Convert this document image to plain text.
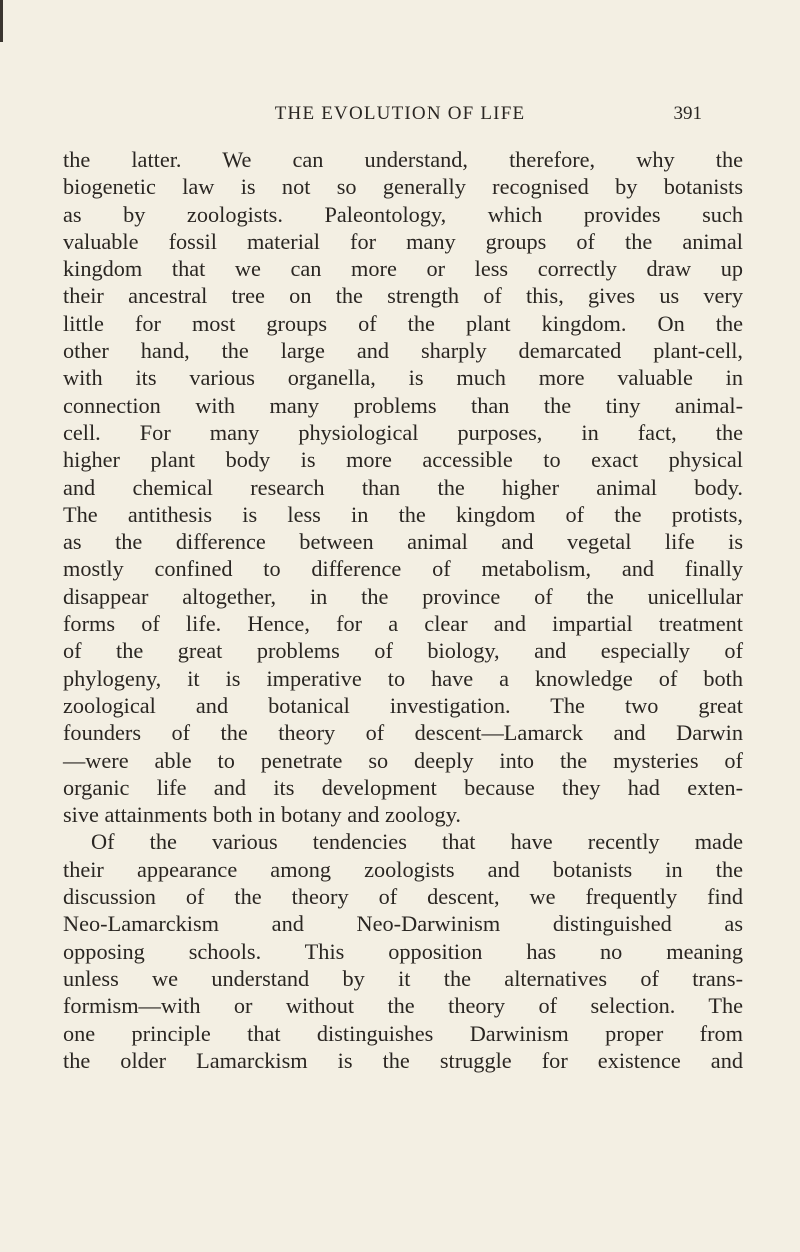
THE EVOLUTION OF LIFE	391
the latter. We can understand, therefore, why the
biogenetic law is not so generally recognised by botanists
as by zoologists. Paleontology, which provides such
valuable fossil material for many groups of the animal
kingdom that we can more or less correctly draw up
their ancestral tree on the strength of this, gives us very
little for most groups of the plant kingdom. On the
other hand, the large and sharply demarcated plant-cell,
with its various organella, is much more valuable in
connection with many problems than the tiny animal-
cell. For many physiological purposes, in fact, the
higher plant body is more accessible to exact physical
and chemical research than the higher animal body.
The antithesis is less in the kingdom of the protists,
as the difference between animal and vegetal life is
mostly confined to difference of metabolism, and finally
disappear altogether, in the province of the unicellular
forms of life. Hence, for a clear and impartial treatment
of the great problems of biology, and especially of
phylogeny, it is imperative to have a knowledge of both
zoological and botanical investigation. The two great
founders of the theory of descent—Lamarck and Darwin
—were able to penetrate so deeply into the mysteries of
organic life and its development because they had exten-
sive attainments both in botany and zoology.
Of the various tendencies that have recently made
their appearance among zoologists and botanists in the
discussion of the theory of descent, we frequently find
Neo-Lamarckism and Neo-Darwinism distinguished as
opposing schools. This opposition has no meaning
unless we understand by it the alternatives of trans-
formism—with or without the theory of selection. The
one principle that distinguishes Darwinism proper from
the older Lamarckism is the struggle for existence and
